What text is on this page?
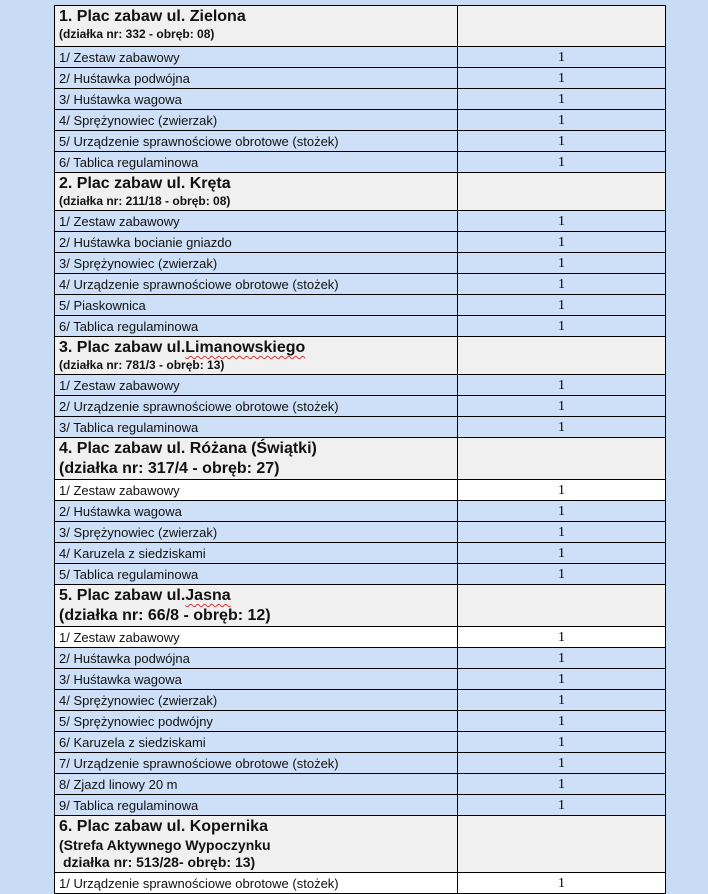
1. Plac zabaw ul. Zielona
(działka nr: 332 - obręb: 08)
1/ Zestaw zabawowy	1
2/ Huśtawka podwójna	1
3/ Huśtawka wagowa	1
4/ Sprężynowiec (zwierzak)	1
5/ Urządzenie sprawnościowe obrotowe (stożek)	1
6/ Tablica regulaminowa	1
2. Plac zabaw ul. Kręta
(działka nr: 211/18 - obręb: 08)
1/ Zestaw zabawowy	1
2/ Huśtawka bocianie gniazdo	1
3/ Sprężynowiec (zwierzak)	1
4/ Urządzenie sprawnościowe obrotowe (stożek)	1
5/ Piaskownica	1
6/ Tablica regulaminowa	1
3. Plac zabaw ul.Limanowskiego
(działka nr: 781/3 - obręb: 13)
1/ Zestaw zabawowy	1
2/ Urządzenie sprawnościowe obrotowe (stożek)	1
3/ Tablica regulaminowa	1
4. Plac zabaw ul. Różana (Świątki)
(działka nr: 317/4 - obręb: 27)
1/ Zestaw zabawowy	1
2/ Huśtawka wagowa	1
3/ Sprężynowiec (zwierzak)	1
4/ Karuzela z siedziskami	1
5/ Tablica regulaminowa	1
5. Plac zabaw ul.Jasna
(działka nr: 66/8 - obręb: 12)
1/ Zestaw zabawowy	1
2/ Huśtawka podwójna	1
3/ Huśtawka wagowa	1
4/ Sprężynowiec (zwierzak)	1
5/ Sprężynowiec podwójny	1
6/ Karuzela z siedziskami	1
7/ Urządzenie sprawnościowe obrotowe (stożek)	1
8/ Zjazd linowy 20 m	1
9/ Tablica regulaminowa	1
6. Plac zabaw ul. Kopernika
(Strefa Aktywnego Wypoczynku
działka nr: 513/28- obręb: 13)
1/ Urządzenie sprawnościowe obrotowe (stożek)	1
